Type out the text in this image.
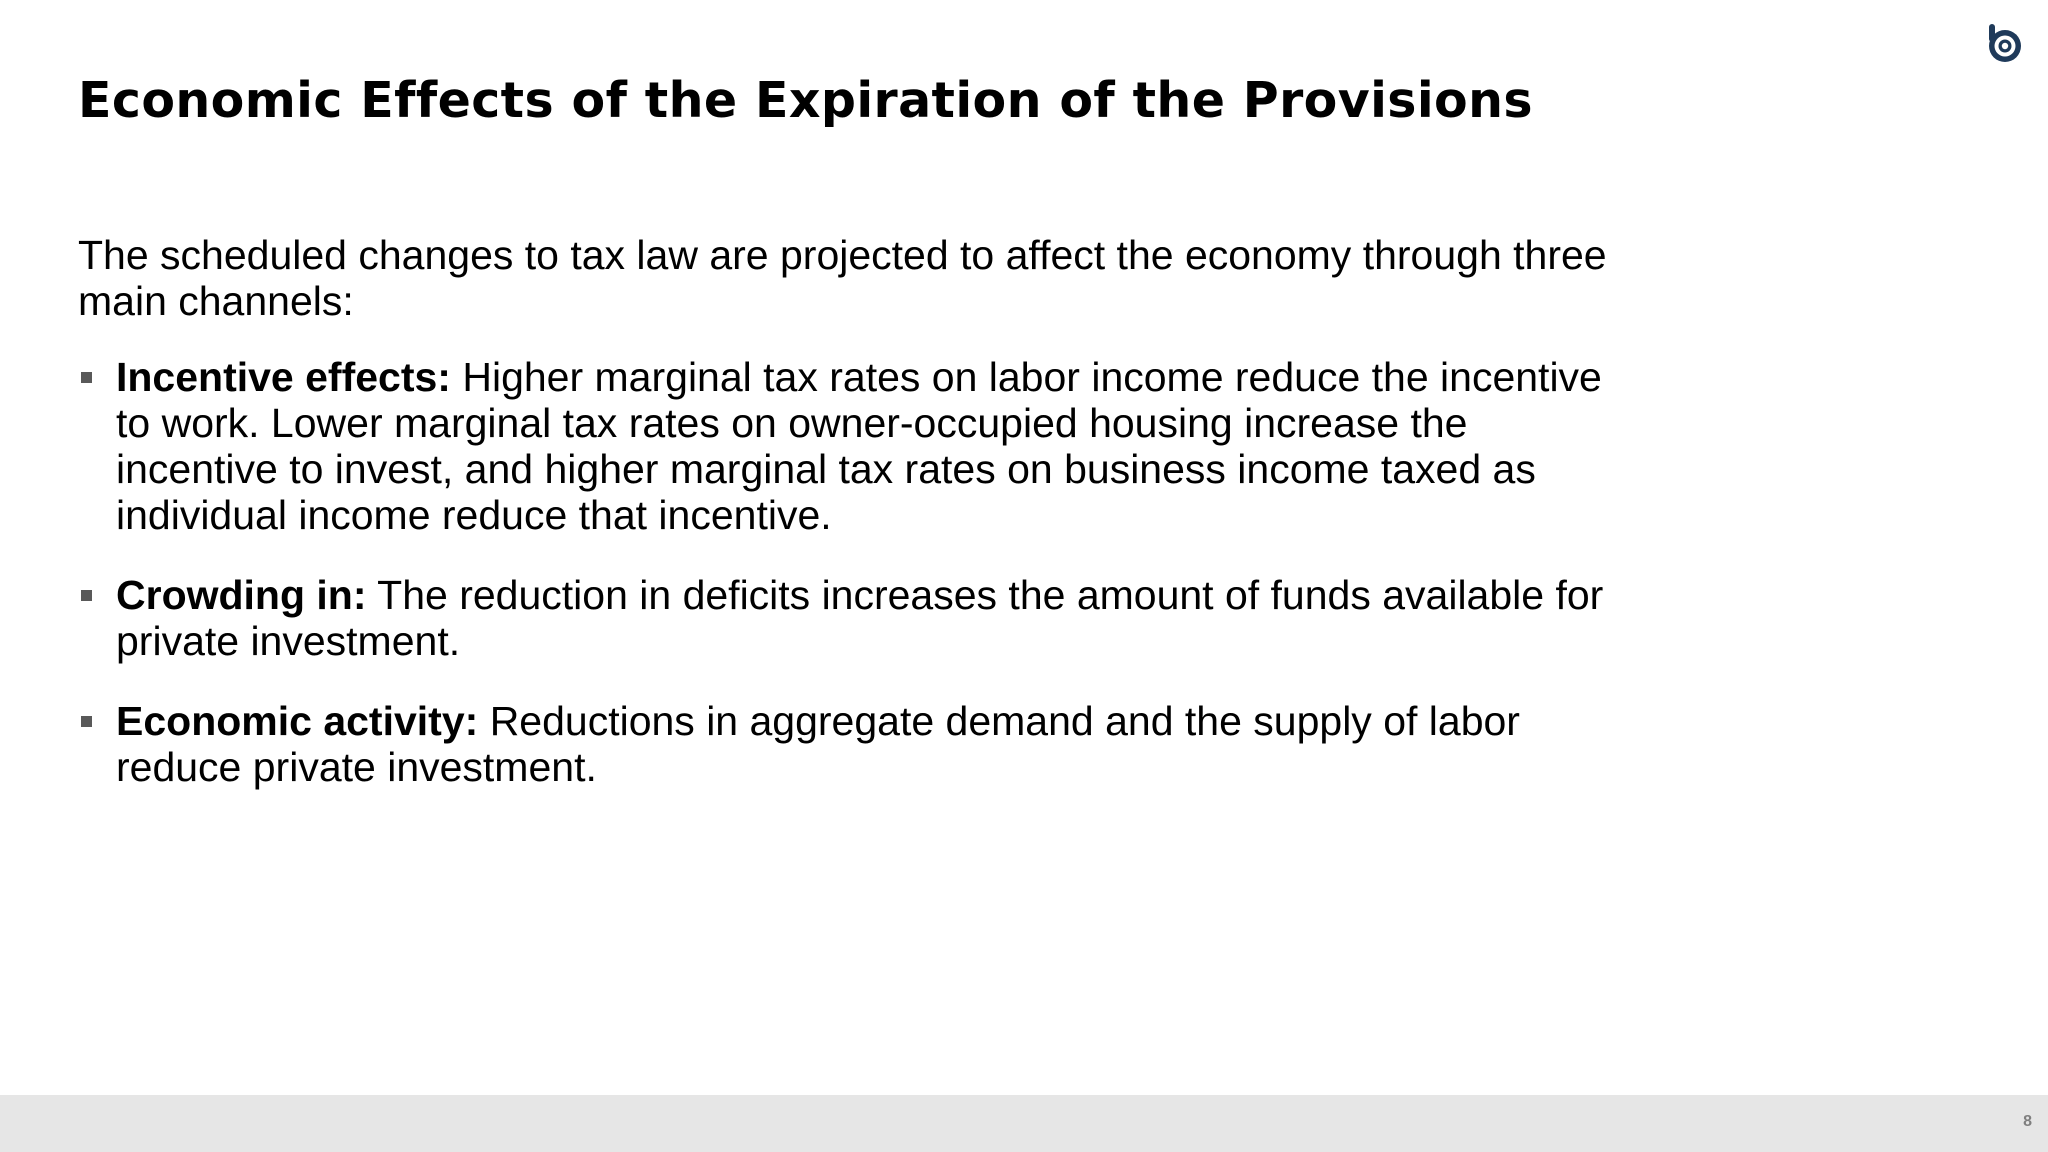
Economic Effects of the Expiration of the Provisions

The scheduled changes to tax law are projected to affect the economy through three main channels:

Incentive effects: Higher marginal tax rates on labor income reduce the incentive to work. Lower marginal tax rates on owner-occupied housing increase the incentive to invest, and higher marginal tax rates on business income taxed as individual income reduce that incentive.
Crowding in: The reduction in deficits increases the amount of funds available for private investment.
Economic activity: Reductions in aggregate demand and the supply of labor reduce private investment.
8
